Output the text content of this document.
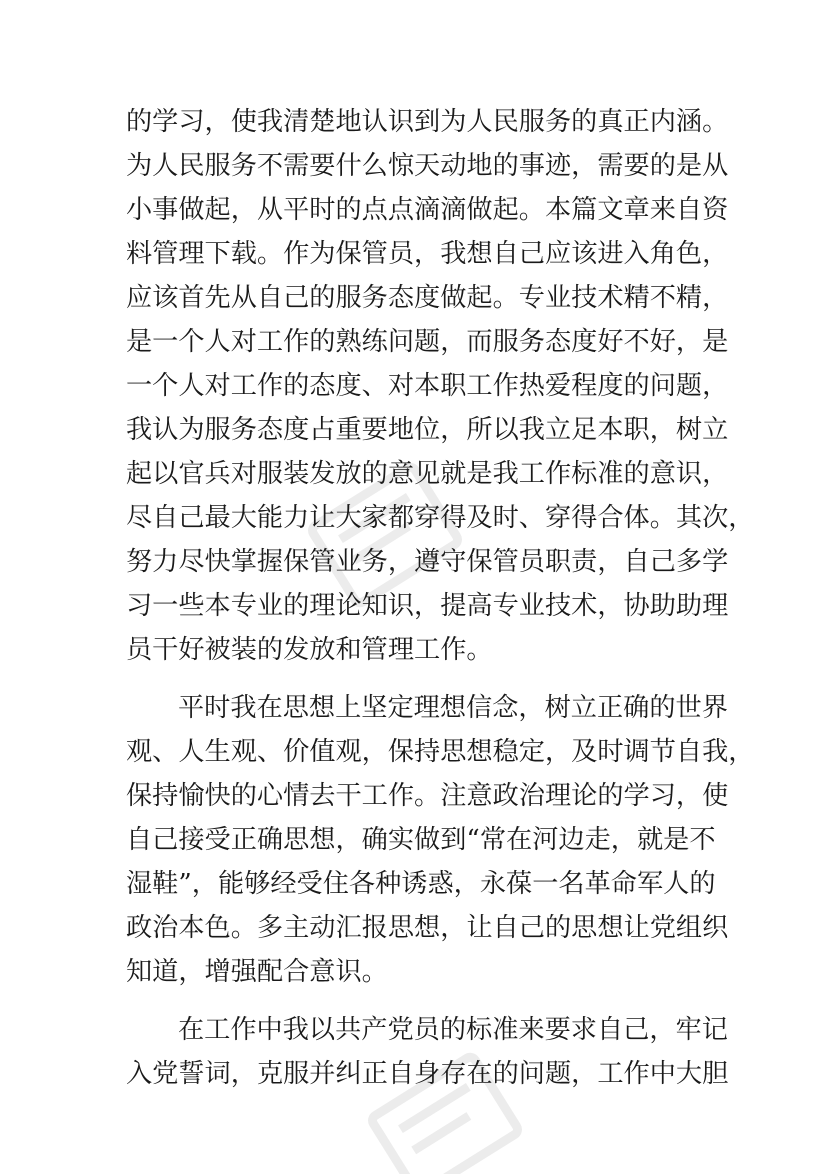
的学习，使我清楚地认识到为人民服务的真正内涵。
为人民服务不需要什么惊天动地的事迹，需要的是从
小事做起，从平时的点点滴滴做起。本篇文章来自资
料管理下载。作为保管员，我想自己应该进入角色，
应该首先从自己的服务态度做起。专业技术精不精，
是一个人对工作的熟练问题，而服务态度好不好，是
一个人对工作的态度、对本职工作热爱程度的问题，
我认为服务态度占重要地位，所以我立足本职，树立
起以官兵对服装发放的意见就是我工作标准的意识，
尽自己最大能力让大家都穿得及时、穿得合体。其次，
努力尽快掌握保管业务，遵守保管员职责，自己多学
习一些本专业的理论知识，提高专业技术，协助助理
员干好被装的发放和管理工作。
平时我在思想上坚定理想信念，树立正确的世界
观、人生观、价值观，保持思想稳定，及时调节自我，
保持愉快的心情去干工作。注意政治理论的学习，使
自己接受正确思想，确实做到“常在河边走，就是不
湿鞋”，能够经受住各种诱惑，永葆一名革命军人的
政治本色。多主动汇报思想，让自己的思想让党组织
知道，增强配合意识。
在工作中我以共产党员的标准来要求自己，牢记
入党誓词，克服并纠正自身存在的问题，工作中大胆
